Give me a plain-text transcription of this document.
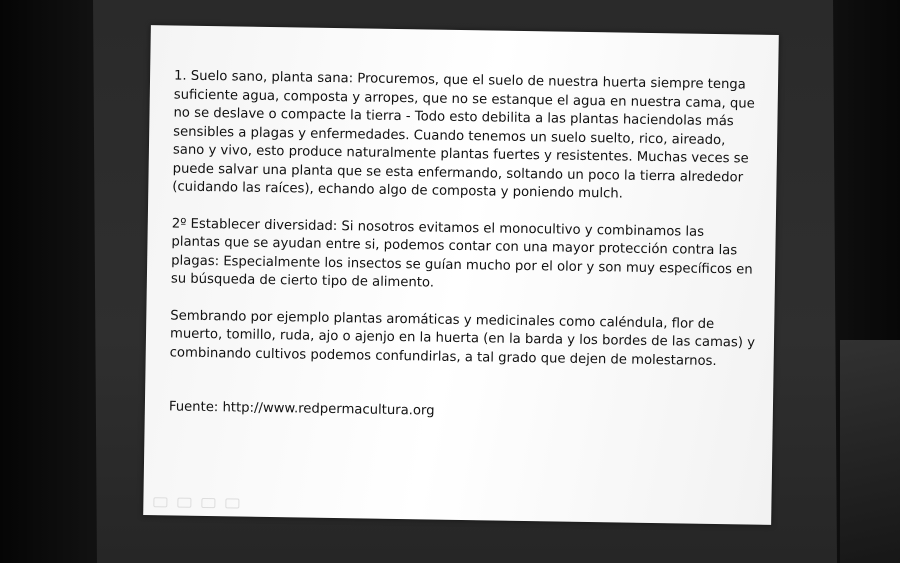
1. Suelo sano, planta sana: Procuremos, que el suelo de nuestra huerta siempre tenga suficiente agua, composta y arropes, que no se estanque el agua en nuestra cama, que no se deslave o compacte la tierra - Todo esto debilita a las plantas haciendolas más sensibles a plagas y enfermedades. Cuando tenemos un suelo suelto, rico, aireado, sano y vivo, esto produce naturalmente plantas fuertes y resistentes. Muchas veces se puede salvar una planta que se esta enfermando, soltando un poco la tierra alrededor (cuidando las raíces), echando algo de composta y poniendo mulch.

2º Establecer diversidad: Si nosotros evitamos el monocultivo y combinamos las plantas que se ayudan entre si, podemos contar con una mayor protección contra las plagas: Especialmente los insectos se guían mucho por el olor y son muy específicos en su búsqueda de cierto tipo de alimento.

Sembrando por ejemplo plantas aromáticas y medicinales como caléndula, flor de muerto, tomillo, ruda, ajo o ajenjo en la huerta (en la barda y los bordes de las camas) y combinando cultivos podemos confundirlas, a tal grado que dejen de molestarnos.

Fuente: http://www.redpermacultura.org
